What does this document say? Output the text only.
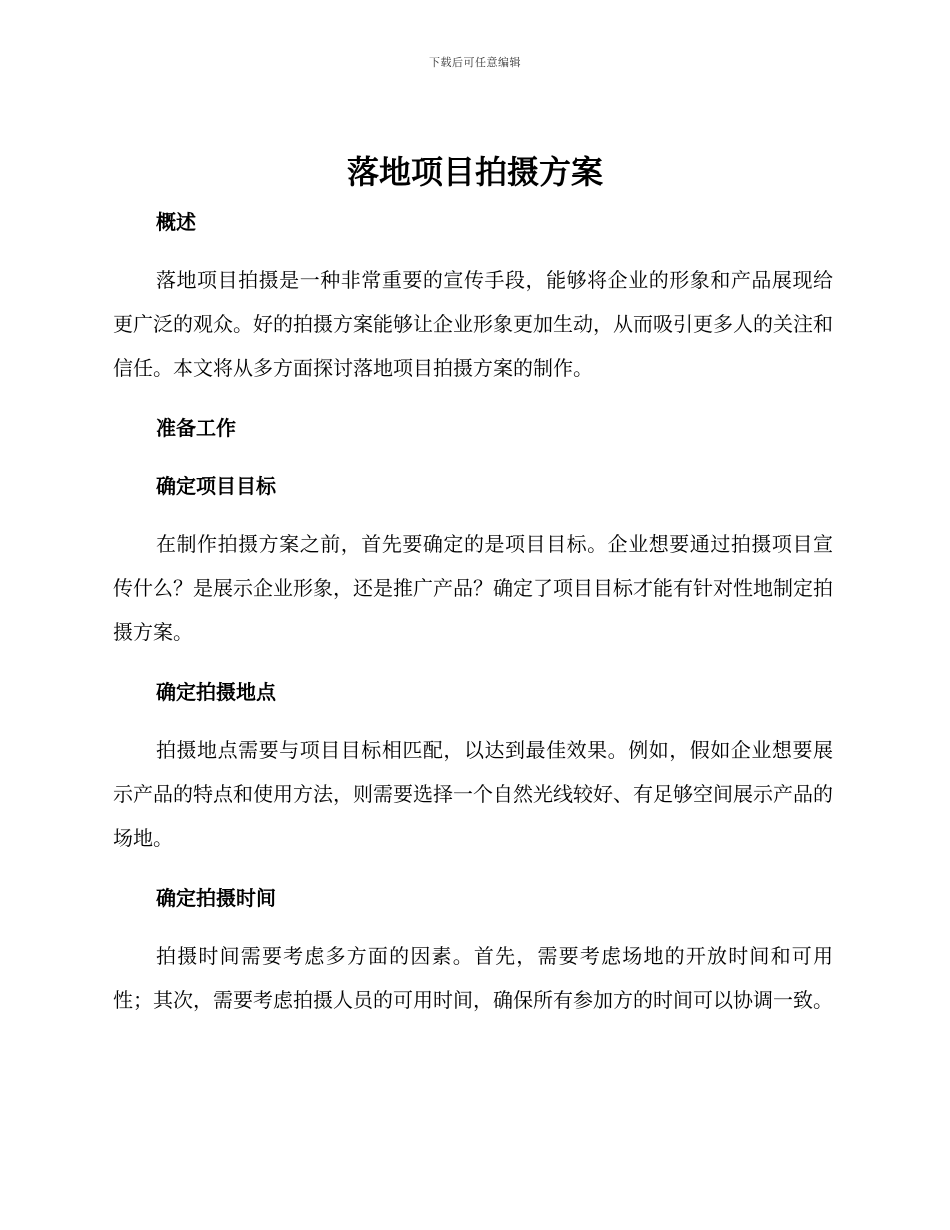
下载后可任意编辑
落地项目拍摄方案
概述

落地项目拍摄是一种非常重要的宣传手段，能够将企业的形象和产品展现给更广泛的观众。好的拍摄方案能够让企业形象更加生动，从而吸引更多人的关注和信任。本文将从多方面探讨落地项目拍摄方案的制作。

准备工作
确定项目目标

在制作拍摄方案之前，首先要确定的是项目目标。企业想要通过拍摄项目宣传什么？是展示企业形象，还是推广产品？确定了项目目标才能有针对性地制定拍摄方案。

确定拍摄地点

拍摄地点需要与项目目标相匹配，以达到最佳效果。例如，假如企业想要展示产品的特点和使用方法，则需要选择一个自然光线较好、有足够空间展示产品的场地。

确定拍摄时间

拍摄时间需要考虑多方面的因素。首先，需要考虑场地的开放时间和可用性；其次，需要考虑拍摄人员的可用时间，确保所有参加方的时间可以协调一致。
